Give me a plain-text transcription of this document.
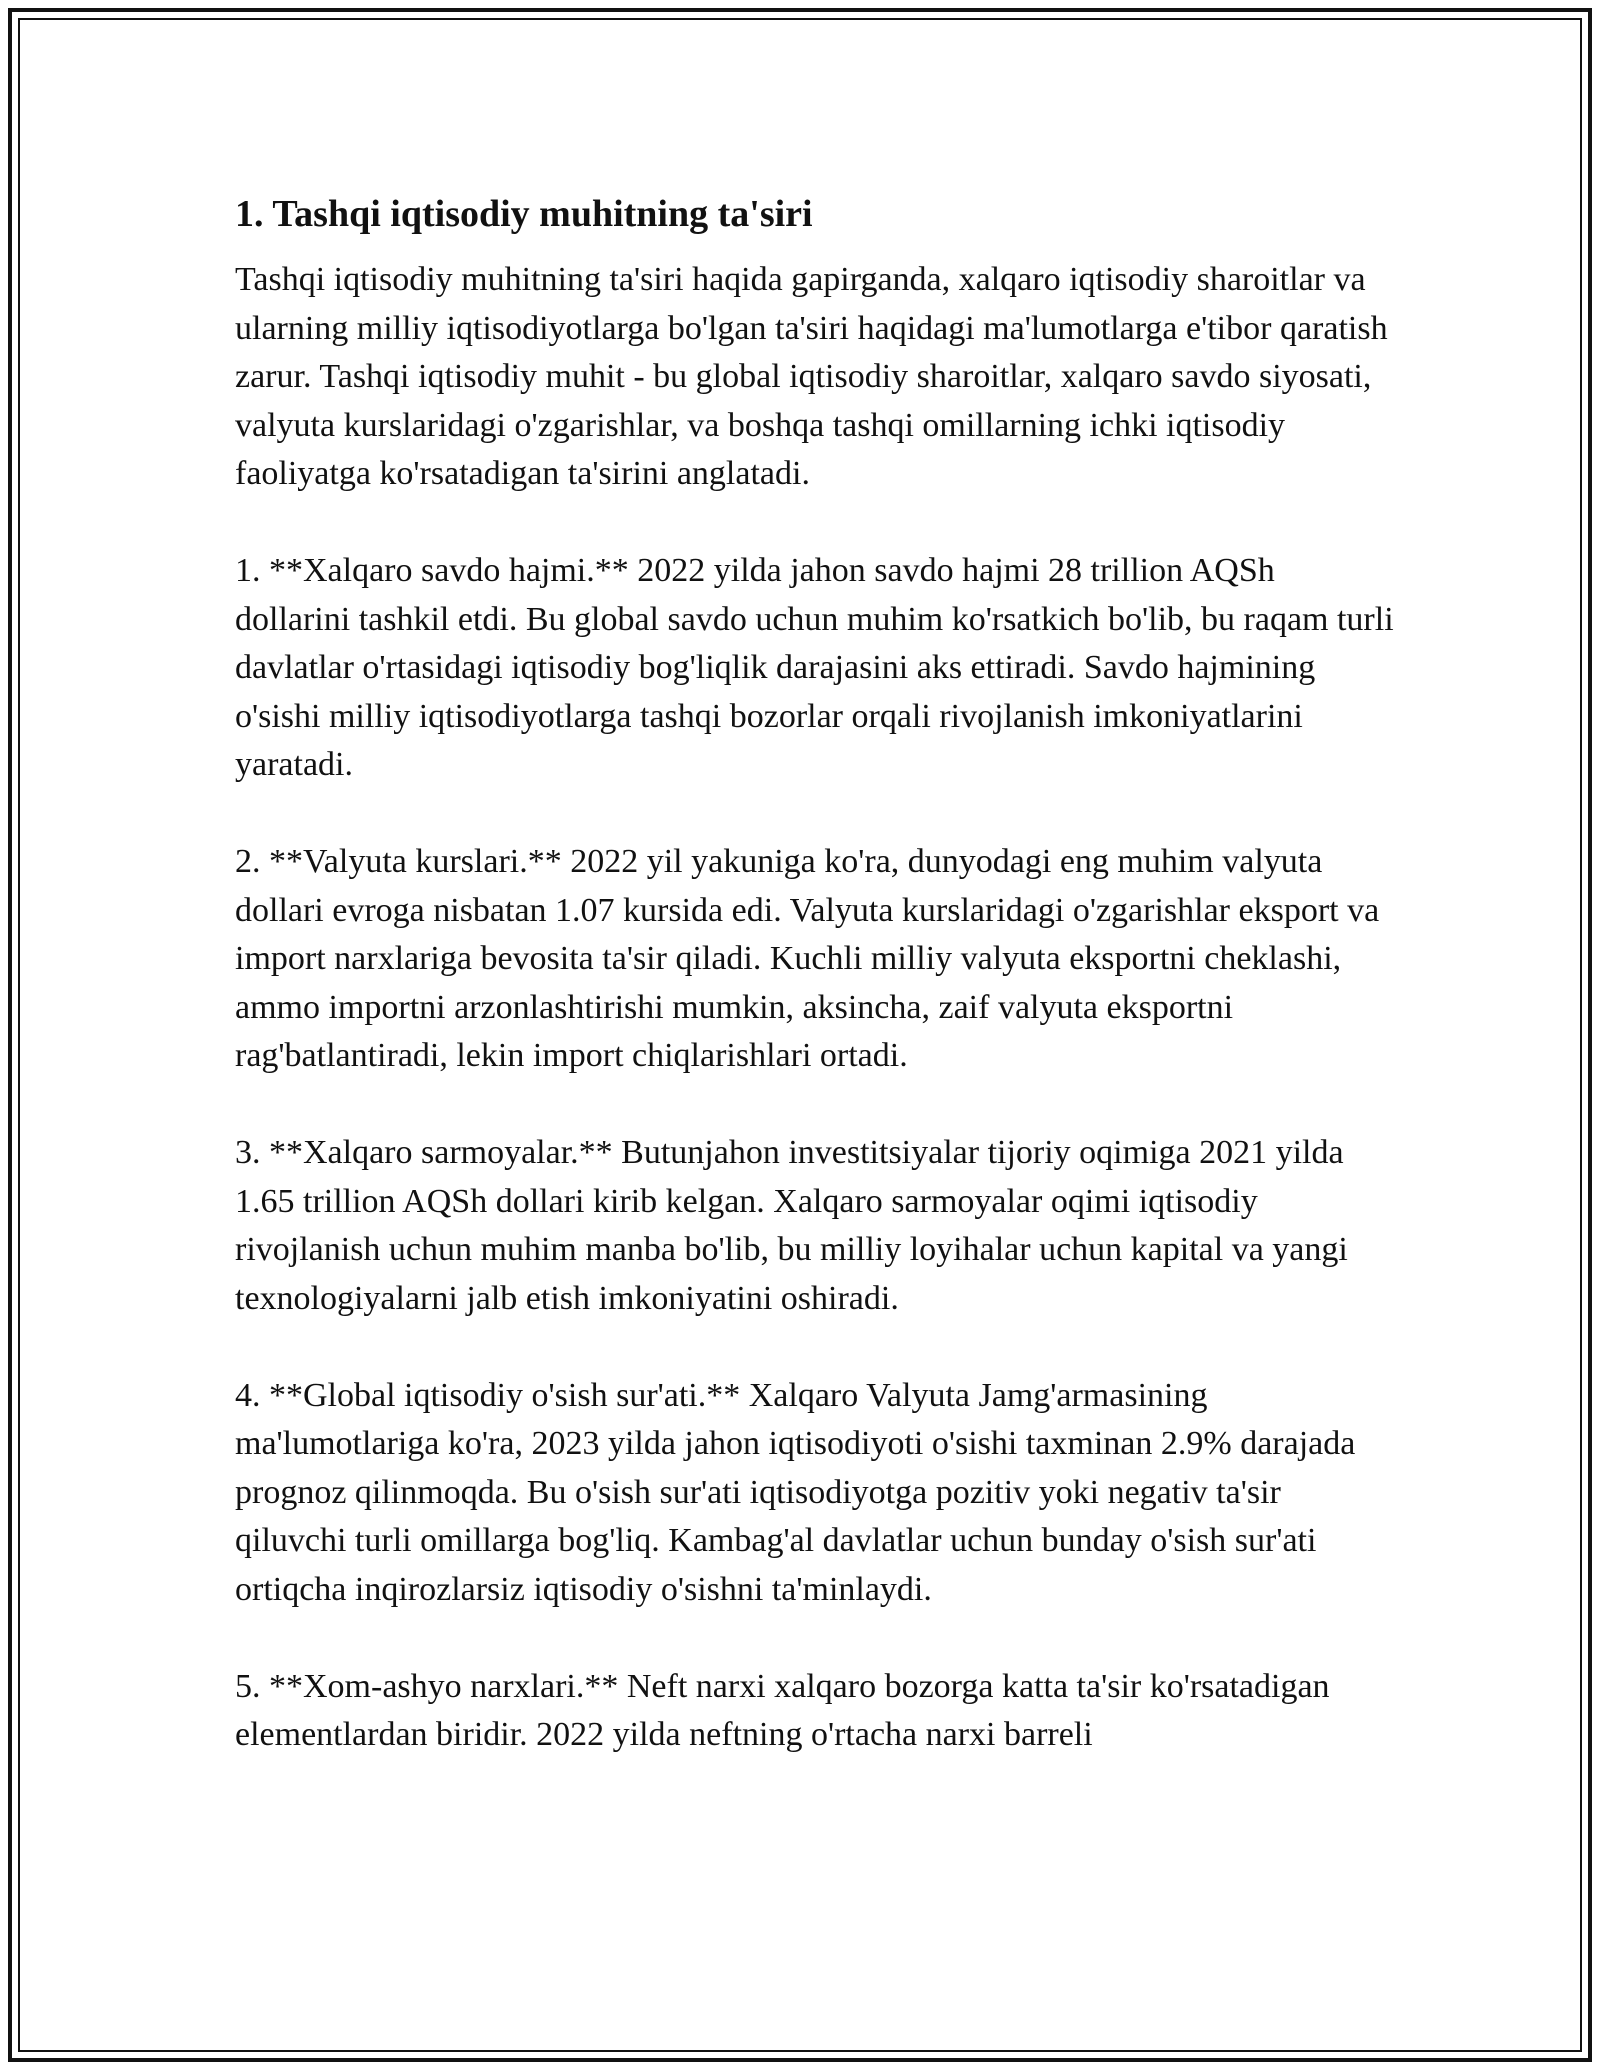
1. Tashqi iqtisodiy muhitning ta'siri

Tashqi iqtisodiy muhitning ta'siri haqida gapirganda, xalqaro iqtisodiy sharoitlar va ularning milliy iqtisodiyotlarga bo'lgan ta'siri haqidagi ma'lumotlarga e'tibor qaratish zarur. Tashqi iqtisodiy muhit - bu global iqtisodiy sharoitlar, xalqaro savdo siyosati, valyuta kurslaridagi o'zgarishlar, va boshqa tashqi omillarning ichki iqtisodiy faoliyatga ko'rsatadigan ta'sirini anglatadi.

1. **Xalqaro savdo hajmi.** 2022 yilda jahon savdo hajmi 28 trillion AQSh dollarini tashkil etdi. Bu global savdo uchun muhim ko'rsatkich bo'lib, bu raqam turli davlatlar o'rtasidagi iqtisodiy bog'liqlik darajasini aks ettiradi. Savdo hajmining o'sishi milliy iqtisodiyotlarga tashqi bozorlar orqali rivojlanish imkoniyatlarini yaratadi.

2. **Valyuta kurslari.** 2022 yil yakuniga ko'ra, dunyodagi eng muhim valyuta dollari evroga nisbatan 1.07 kursida edi. Valyuta kurslaridagi o'zgarishlar eksport va import narxlariga bevosita ta'sir qiladi. Kuchli milliy valyuta eksportni cheklashi, ammo importni arzonlashtirishi mumkin, aksincha, zaif valyuta eksportni rag'batlantiradi, lekin import chiqlarishlari ortadi.

3. **Xalqaro sarmoyalar.** Butunjahon investitsiyalar tijoriy oqimiga 2021 yilda 1.65 trillion AQSh dollari kirib kelgan. Xalqaro sarmoyalar oqimi iqtisodiy rivojlanish uchun muhim manba bo'lib, bu milliy loyihalar uchun kapital va yangi texnologiyalarni jalb etish imkoniyatini oshiradi.

4. **Global iqtisodiy o'sish sur'ati.** Xalqaro Valyuta Jamg'armasining ma'lumotlariga ko'ra, 2023 yilda jahon iqtisodiyoti o'sishi taxminan 2.9% darajada prognoz qilinmoqda. Bu o'sish sur'ati iqtisodiyotga pozitiv yoki negativ ta'sir qiluvchi turli omillarga bog'liq. Kambag'al davlatlar uchun bunday o'sish sur'ati ortiqcha inqirozlarsiz iqtisodiy o'sishni ta'minlaydi.

5. **Xom-ashyo narxlari.** Neft narxi xalqaro bozorga katta ta'sir ko'rsatadigan elementlardan biridir. 2022 yilda neftning o'rtacha narxi barreli
